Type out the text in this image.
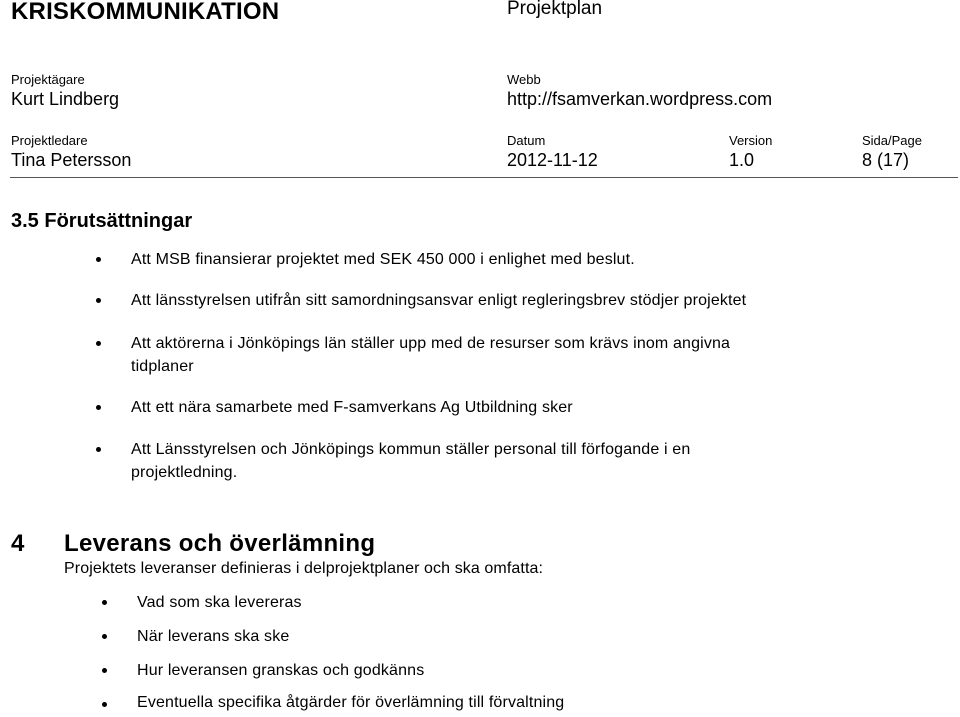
KRISKOMMUNIKATION	Projektplan
Projektägare
Kurt Lindberg
Webb
http://fsamverkan.wordpress.com
Projektledare
Tina Petersson
Datum
2012-11-12
Version
1.0
Sida/Page
8 (17)
3.5 Förutsättningar
Att MSB finansierar projektet med SEK 450 000 i enlighet med beslut.
Att länsstyrelsen utifrån sitt samordningsansvar enligt regleringsbrev stödjer projektet
Att aktörerna i Jönköpings län ställer upp med de resurser som krävs inom angivna
tidplaner
Att ett nära samarbete med F-samverkans Ag Utbildning sker
Att Länsstyrelsen och Jönköpings kommun ställer personal till förfogande i en
projektledning.
4 Leverans och överlämning
Projektets leveranser definieras i delprojektplaner och ska omfatta:
Vad som ska levereras
När leverans ska ske
Hur leveransen granskas och godkänns
Eventuella specifika åtgärder för överlämning till förvaltning
